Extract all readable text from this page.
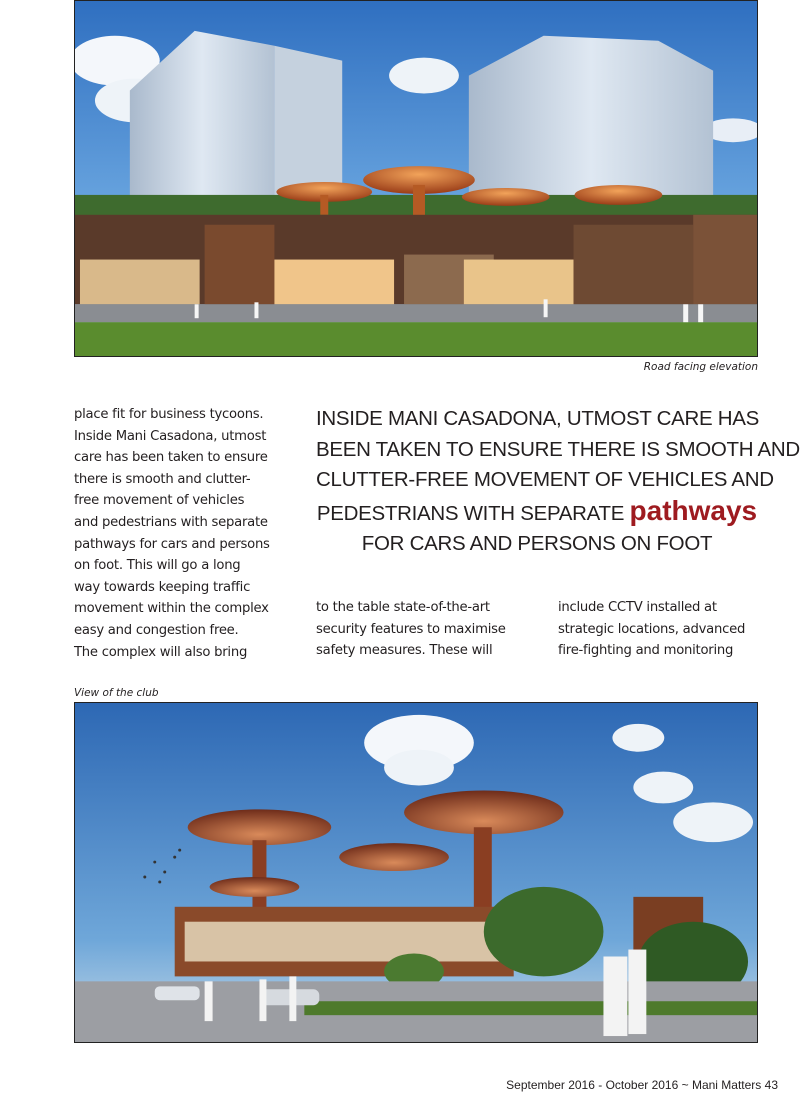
Road facing elevation
place fit for business tycoons.
Inside Mani Casadona, utmost
care has been taken to ensure
there is smooth and clutter-
free movement of vehicles
and pedestrians with separate
pathways for cars and persons
on foot. This will go a long
way towards keeping traffic
movement within the complex
easy and congestion free.
The complex will also bring
INSIDE MANI CASADONA, UTMOST CARE HAS
BEEN TAKEN TO ENSURE THERE IS SMOOTH AND
CLUTTER-FREE MOVEMENT OF VEHICLES AND
PEDESTRIANS WITH SEPARATE pathways
FOR CARS AND PERSONS ON FOOT
to the table state-of-the-art
security features to maximise
safety measures. These will
include CCTV installed at
strategic locations, advanced
fire-fighting and monitoring
View of the club
September 2016 - October 2016 ~ Mani Matters 43
